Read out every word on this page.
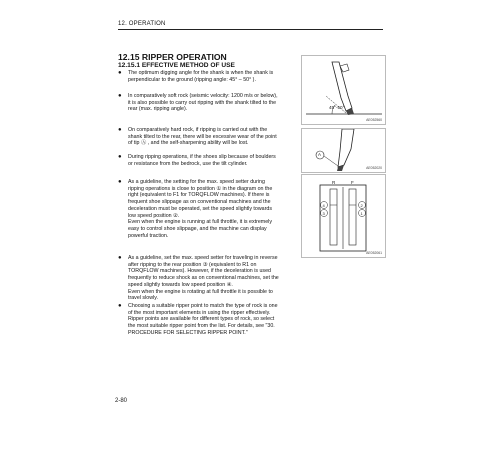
12. OPERATION
12.15 RIPPER OPERATION
12.15.1 EFFECTIVE METHOD OF USE
● The optimum digging angle for the shank is when the shank is
perpendicular to the ground (ripping angle: 45° – 50° ).
● In comparatively soft rock (seismic velocity: 1200 m/s or below),
it is also possible to carry out ripping with the shank tilted to the
rear (max. ripping angle).
● On comparatively hard rock, if ripping is carried out with the
shank tilted to the rear, there will be excessive wear of the point
of tip Ⓐ , and the self-sharpening ability will be lost.
● During ripping operations, if the shoes slip because of boulders
or resistance from the bedrock, use the tilt cylinder.
● As a guideline, the setting for the max. speed setter during
ripping operations is close to position ① in the diagram on the
right (equivalent to F1 for TORQFLOW machines). If there is
frequent shoe slippage as on conventional machines and the
deceleration must be operated, set the speed slightly towards
low speed position ②.
Even when the engine is running at full throttle, it is extremely
easy to control shoe slippage, and the machine can display
powerful traction.
● As a guideline, set the max. speed setter for traveling in reverse
after ripping to the rear position ③ (equivalent to R1 on
TORQFLOW machines). However, if the deceleration is used
frequently to reduce shock as on conventional machines, set the
speed slightly towards low speed position ④.
Even when the engine is rotating at full throttle it is possible to
travel slowly.
● Choosing a suitable ripper point to match the type of rock is one
of the most important elements in using the ripper effectively.
Ripper points are available for different types of rock, so select
the most suitable ripper point from the list. For details, see "30.
PROCEDURE FOR SELECTING RIPPER POINT."
45°-50°
AE052560
A
AE052020
R	F
4
3
2
1
AE052061
2-80
